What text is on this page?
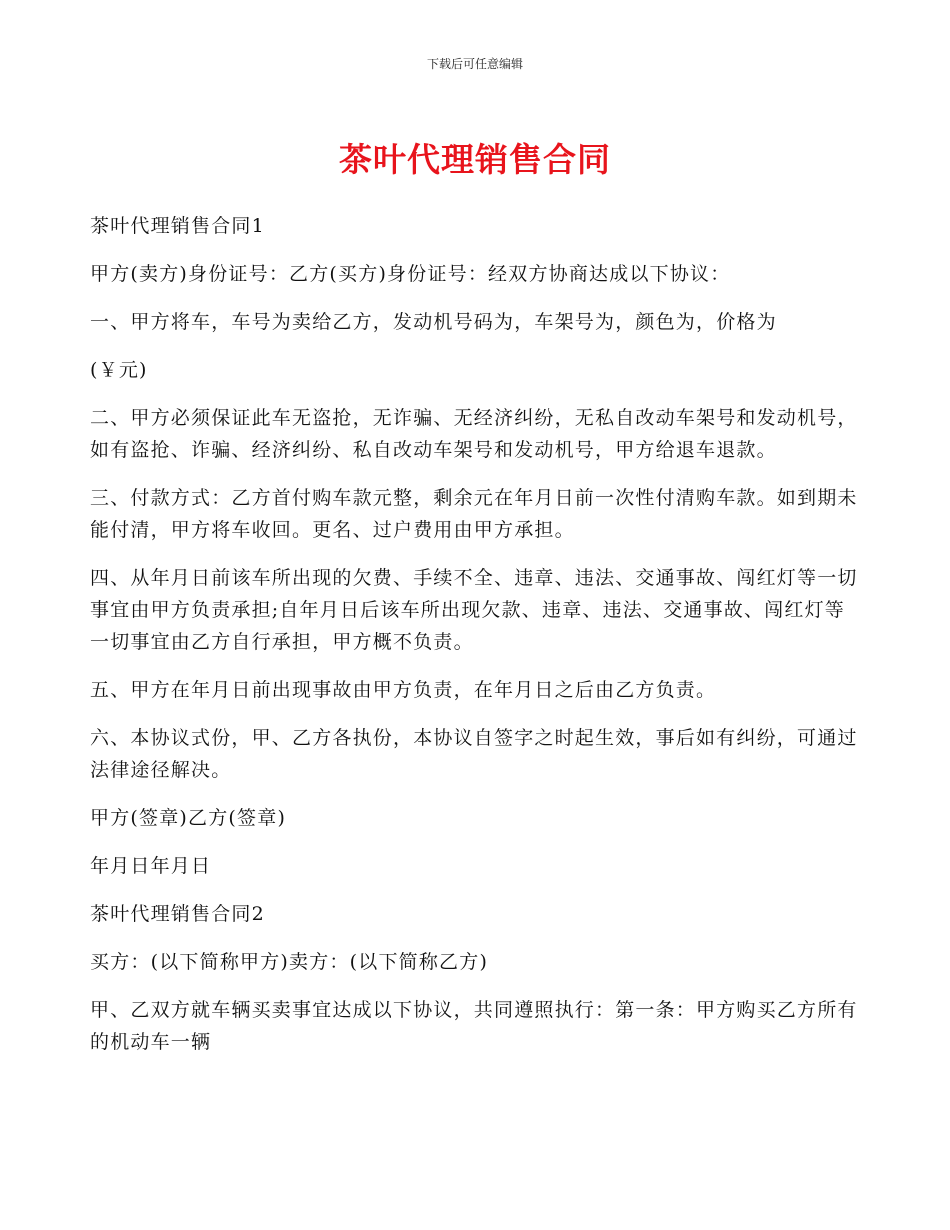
下载后可任意编辑
茶叶代理销售合同

茶叶代理销售合同1

甲方(卖方)身份证号：乙方(买方)身份证号：经双方协商达成以下协议：

一、甲方将车，车号为卖给乙方，发动机号码为，车架号为，颜色为，价格为

(￥元)

二、甲方必须保证此车无盗抢，无诈骗、无经济纠纷，无私自改动车架号和发动机号，如有盗抢、诈骗、经济纠纷、私自改动车架号和发动机号，甲方给退车退款。

三、付款方式：乙方首付购车款元整，剩余元在年月日前一次性付清购车款。如到期未能付清，甲方将车收回。更名、过户费用由甲方承担。

四、从年月日前该车所出现的欠费、手续不全、违章、违法、交通事故、闯红灯等一切事宜由甲方负责承担;自年月日后该车所出现欠款、违章、违法、交通事故、闯红灯等一切事宜由乙方自行承担，甲方概不负责。

五、甲方在年月日前出现事故由甲方负责，在年月日之后由乙方负责。

六、本协议式份，甲、乙方各执份，本协议自签字之时起生效，事后如有纠纷，可通过法律途径解决。

甲方(签章)乙方(签章)

年月日年月日

茶叶代理销售合同2

买方：(以下简称甲方)卖方：(以下简称乙方)

甲、乙双方就车辆买卖事宜达成以下协议，共同遵照执行：第一条：甲方购买乙方所有的机动车一辆
